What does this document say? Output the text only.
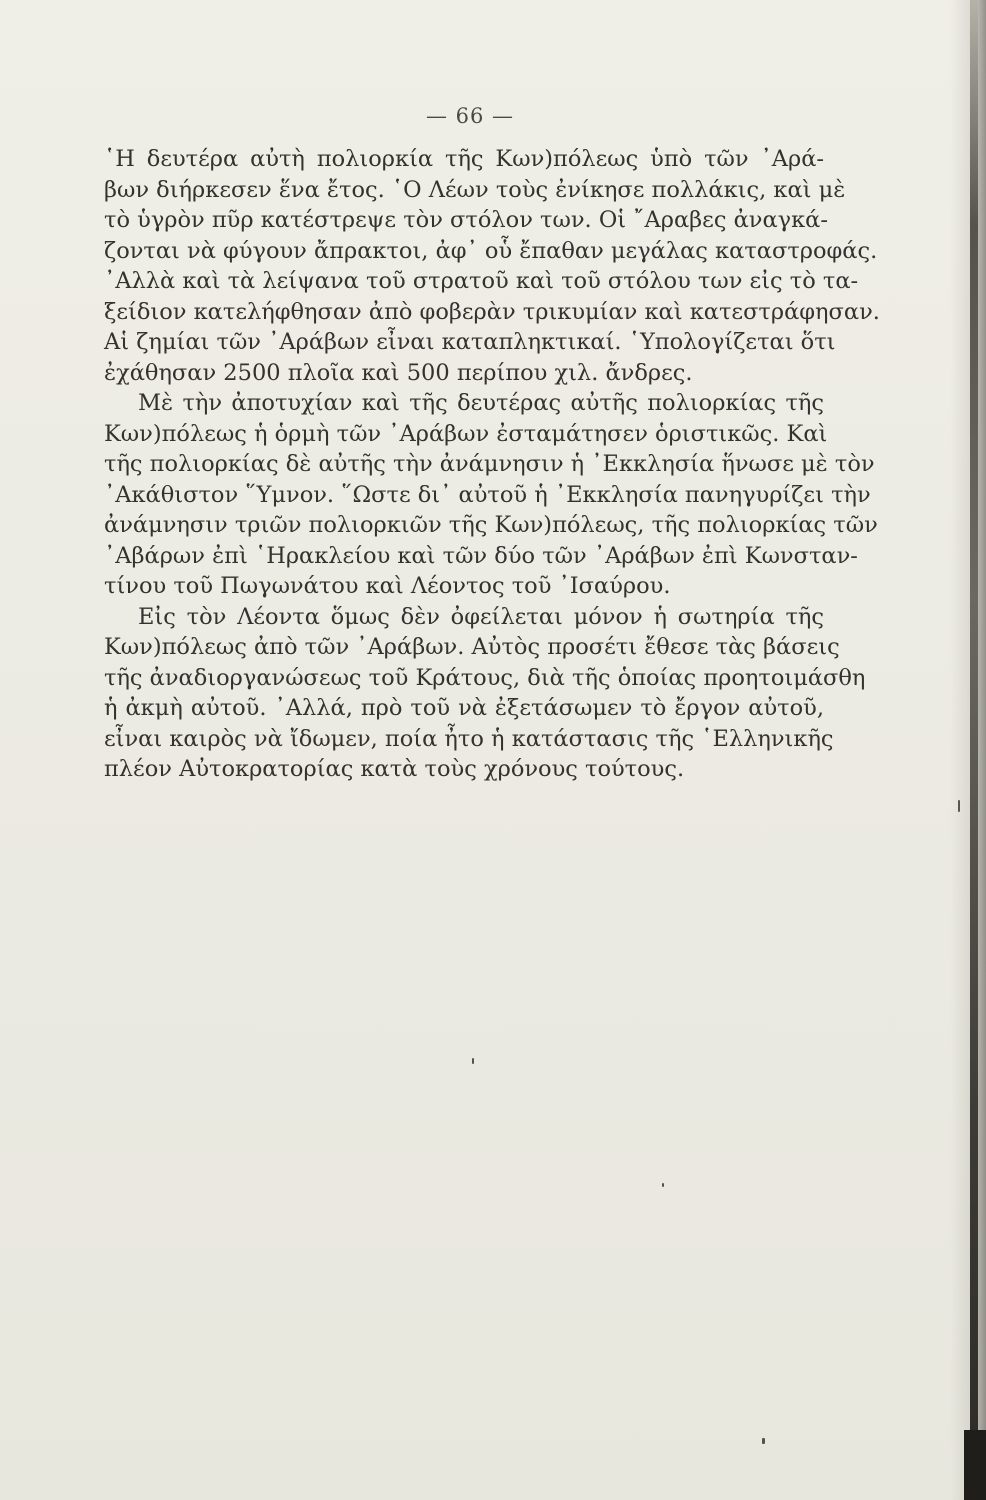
— 66 —
῾Η δευτέρα αὐτὴ πολιορκία τῆς Κων)πόλεως ὑπὸ τῶν ᾿Αρά-
βων διήρκεσεν ἕνα ἔτος. ῾Ο Λέων τοὺς ἐνίκησε πολλάκις, καὶ μὲ
τὸ ὑγρὸν πῦρ κατέστρεψε τὸν στόλον των. Οἱ ῎Αραβες ἀναγκά-
ζονται νὰ φύγουν ἄπρακτοι, ἀφ᾿ οὗ ἔπαθαν μεγάλας καταστροφάς.
᾿Αλλὰ καὶ τὰ λείψανα τοῦ στρατοῦ καὶ τοῦ στόλου των εἰς τὸ τα-
ξείδιον κατελήφθησαν ἀπὸ φοβερὰν τρικυμίαν καὶ κατεστράφησαν.
Αἱ ζημίαι τῶν ᾿Αράβων εἶναι καταπληκτικαί. ῾Υπολογίζεται ὅτι
ἐχάθησαν 2500 πλοῖα καὶ 500 περίπου χιλ. ἄνδρες.
Μὲ τὴν ἀποτυχίαν καὶ τῆς δευτέρας αὐτῆς πολιορκίας τῆς
Κων)πόλεως ἡ ὁρμὴ τῶν ᾿Αράβων ἐσταμάτησεν ὁριστικῶς. Καὶ
τῆς πολιορκίας δὲ αὐτῆς τὴν ἀνάμνησιν ἡ ᾿Εκκλησία ἥνωσε μὲ τὸν
᾿Ακάθιστον ῞Υμνον. ῞Ωστε δι᾿ αὐτοῦ ἡ ᾿Εκκλησία πανηγυρίζει τὴν
ἀνάμνησιν τριῶν πολιορκιῶν τῆς Κων)πόλεως, τῆς πολιορκίας τῶν
᾿Αβάρων ἐπὶ ῾Ηρακλείου καὶ τῶν δύο τῶν ᾿Αράβων ἐπὶ Κωνσταν-
τίνου τοῦ Πωγωνάτου καὶ Λέοντος τοῦ ᾿Ισαύρου.
Εἰς τὸν Λέοντα ὅμως δὲν ὀφείλεται μόνον ἡ σωτηρία τῆς
Κων)πόλεως ἀπὸ τῶν ᾿Αράβων. Αὐτὸς προσέτι ἔθεσε τὰς βάσεις
τῆς ἀναδιοργανώσεως τοῦ Κράτους, διὰ τῆς ὁποίας προητοιμάσθη
ἡ ἀκμὴ αὐτοῦ. ᾿Αλλά, πρὸ τοῦ νὰ ἐξετάσωμεν τὸ ἔργον αὐτοῦ,
εἶναι καιρὸς νὰ ἴδωμεν, ποία ἦτο ἡ κατάστασις τῆς ῾Ελληνικῆς
πλέον Αὐτοκρατορίας κατὰ τοὺς χρόνους τούτους.
